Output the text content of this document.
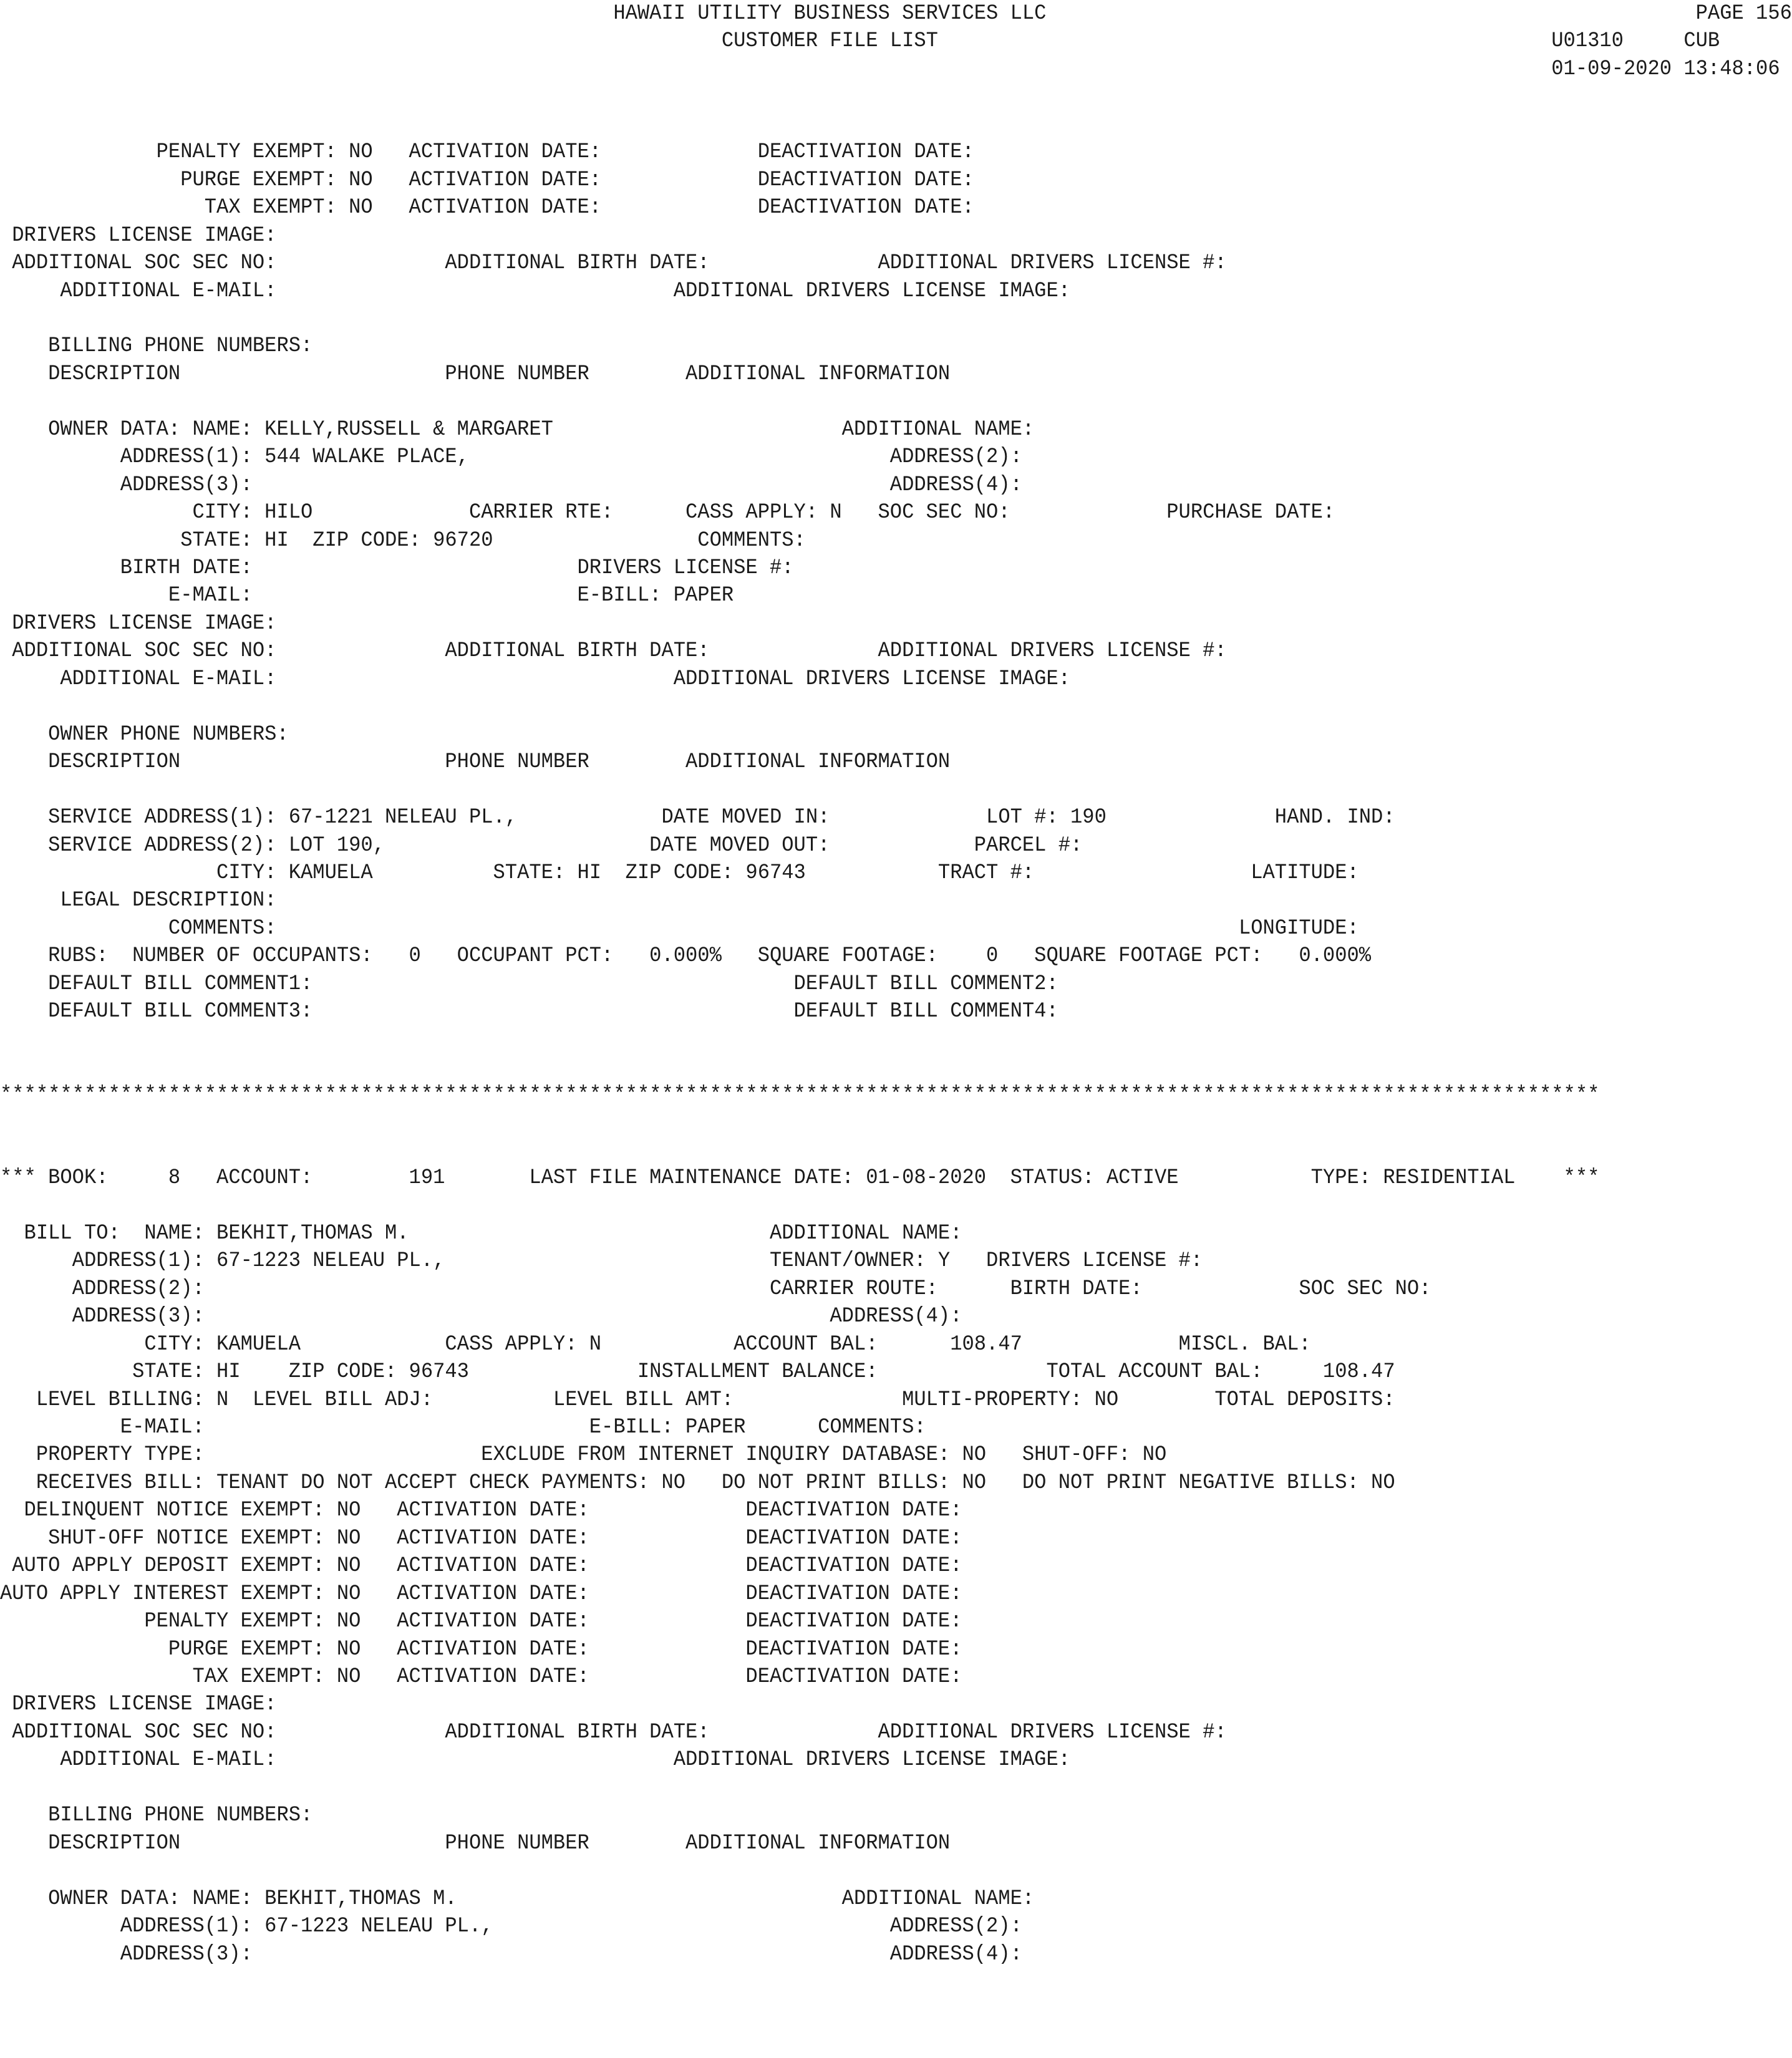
HAWAII UTILITY BUSINESS SERVICES LLC                                                      PAGE 156
CUSTOMER FILE LIST                                                   U01310     CUB
01-09-2020 13:48:06
PENALTY EXEMPT: NO   ACTIVATION DATE:             DEACTIVATION DATE:
PURGE EXEMPT: NO   ACTIVATION DATE:             DEACTIVATION DATE:
TAX EXEMPT: NO   ACTIVATION DATE:             DEACTIVATION DATE:
DRIVERS LICENSE IMAGE:
ADDITIONAL SOC SEC NO:              ADDITIONAL BIRTH DATE:              ADDITIONAL DRIVERS LICENSE #:
ADDITIONAL E-MAIL:                                 ADDITIONAL DRIVERS LICENSE IMAGE:
BILLING PHONE NUMBERS:
DESCRIPTION                      PHONE NUMBER        ADDITIONAL INFORMATION
OWNER DATA: NAME: KELLY,RUSSELL & MARGARET                        ADDITIONAL NAME:
ADDRESS(1): 544 WALAKE PLACE,                                   ADDRESS(2):
ADDRESS(3):                                                     ADDRESS(4):
CITY: HILO             CARRIER RTE:      CASS APPLY: N   SOC SEC NO:             PURCHASE DATE:
STATE: HI  ZIP CODE: 96720                 COMMENTS:
BIRTH DATE:                           DRIVERS LICENSE #:
E-MAIL:                           E-BILL: PAPER
DRIVERS LICENSE IMAGE:
ADDITIONAL SOC SEC NO:              ADDITIONAL BIRTH DATE:              ADDITIONAL DRIVERS LICENSE #:
ADDITIONAL E-MAIL:                                 ADDITIONAL DRIVERS LICENSE IMAGE:
OWNER PHONE NUMBERS:
DESCRIPTION                      PHONE NUMBER        ADDITIONAL INFORMATION
SERVICE ADDRESS(1): 67-1221 NELEAU PL.,            DATE MOVED IN:             LOT #: 190              HAND. IND:
SERVICE ADDRESS(2): LOT 190,                      DATE MOVED OUT:            PARCEL #:
CITY: KAMUELA          STATE: HI  ZIP CODE: 96743           TRACT #:                  LATITUDE:
LEGAL DESCRIPTION:
COMMENTS:                                                                                LONGITUDE:
RUBS:  NUMBER OF OCCUPANTS:   0   OCCUPANT PCT:   0.000%   SQUARE FOOTAGE:    0   SQUARE FOOTAGE PCT:   0.000%
DEFAULT BILL COMMENT1:                                        DEFAULT BILL COMMENT2:
DEFAULT BILL COMMENT3:                                        DEFAULT BILL COMMENT4:
*************************************************************************************************************************************
*** BOOK:     8   ACCOUNT:        191       LAST FILE MAINTENANCE DATE: 01-08-2020  STATUS: ACTIVE           TYPE: RESIDENTIAL    ***
BILL TO:  NAME: BEKHIT,THOMAS M.                              ADDITIONAL NAME:
ADDRESS(1): 67-1223 NELEAU PL.,                           TENANT/OWNER: Y   DRIVERS LICENSE #:
ADDRESS(2):                                               CARRIER ROUTE:      BIRTH DATE:             SOC SEC NO:
ADDRESS(3):                                                    ADDRESS(4):
CITY: KAMUELA            CASS APPLY: N           ACCOUNT BAL:      108.47             MISCL. BAL:
STATE: HI    ZIP CODE: 96743              INSTALLMENT BALANCE:              TOTAL ACCOUNT BAL:     108.47
LEVEL BILLING: N  LEVEL BILL ADJ:          LEVEL BILL AMT:              MULTI-PROPERTY: NO        TOTAL DEPOSITS:
E-MAIL:                                E-BILL: PAPER      COMMENTS:
PROPERTY TYPE:                       EXCLUDE FROM INTERNET INQUIRY DATABASE: NO   SHUT-OFF: NO
RECEIVES BILL: TENANT DO NOT ACCEPT CHECK PAYMENTS: NO   DO NOT PRINT BILLS: NO   DO NOT PRINT NEGATIVE BILLS: NO
DELINQUENT NOTICE EXEMPT: NO   ACTIVATION DATE:             DEACTIVATION DATE:
SHUT-OFF NOTICE EXEMPT: NO   ACTIVATION DATE:             DEACTIVATION DATE:
AUTO APPLY DEPOSIT EXEMPT: NO   ACTIVATION DATE:             DEACTIVATION DATE:
AUTO APPLY INTEREST EXEMPT: NO   ACTIVATION DATE:             DEACTIVATION DATE:
PENALTY EXEMPT: NO   ACTIVATION DATE:             DEACTIVATION DATE:
PURGE EXEMPT: NO   ACTIVATION DATE:             DEACTIVATION DATE:
TAX EXEMPT: NO   ACTIVATION DATE:             DEACTIVATION DATE:
DRIVERS LICENSE IMAGE:
ADDITIONAL SOC SEC NO:              ADDITIONAL BIRTH DATE:              ADDITIONAL DRIVERS LICENSE #:
ADDITIONAL E-MAIL:                                 ADDITIONAL DRIVERS LICENSE IMAGE:
BILLING PHONE NUMBERS:
DESCRIPTION                      PHONE NUMBER        ADDITIONAL INFORMATION
OWNER DATA: NAME: BEKHIT,THOMAS M.                                ADDITIONAL NAME:
ADDRESS(1): 67-1223 NELEAU PL.,                                 ADDRESS(2):
ADDRESS(3):                                                     ADDRESS(4):
